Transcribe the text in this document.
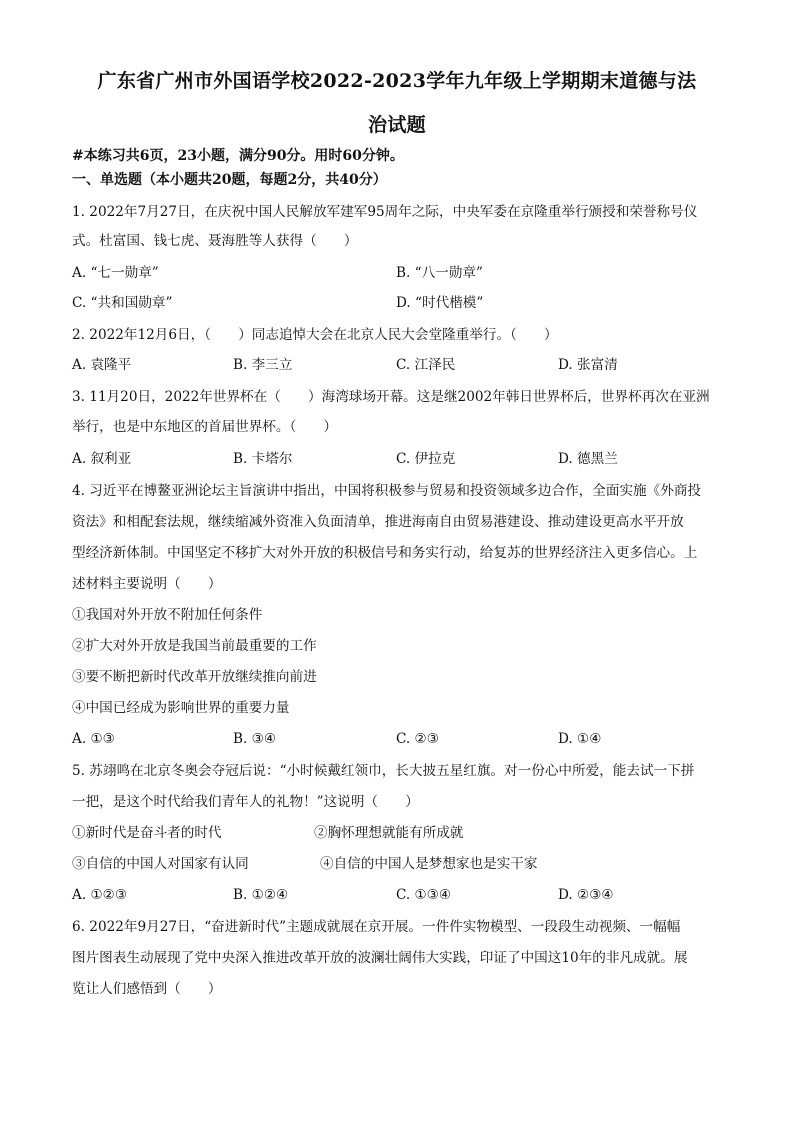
广东省广州市外国语学校2022-2023学年九年级上学期期末道德与法
治试题
#本练习共6页，23小题，满分90分。用时60分钟。
一、单选题（本小题共20题，每题2分，共40分）
1. 2022年7月27日，在庆祝中国人民解放军建军95周年之际，中央军委在京隆重举行颁授和荣誉称号仪
式。杜富国、钱七虎、聂海胜等人获得（　　）
A. “七一勋章”	B. “八一勋章”
C. “共和国勋章”	D. “时代楷模”
2. 2022年12月6日，（　　）同志追悼大会在北京人民大会堂隆重举行。（　　）
A. 袁隆平	B. 李三立	C. 江泽民	D. 张富清
3. 11月20日，2022年世界杯在（　　）海湾球场开幕。这是继2002年韩日世界杯后，世界杯再次在亚洲
举行，也是中东地区的首届世界杯。（　　）
A. 叙利亚	B. 卡塔尔	C. 伊拉克	D. 德黑兰
4. 习近平在博鳌亚洲论坛主旨演讲中指出，中国将积极参与贸易和投资领域多边合作，全面实施《外商投
资法》和相配套法规，继续缩减外资准入负面清单，推进海南自由贸易港建设、推动建设更高水平开放
型经济新体制。中国坚定不移扩大对外开放的积极信号和务实行动，给复苏的世界经济注入更多信心。上
述材料主要说明（　　）
①我国对外开放不附加任何条件
②扩大对外开放是我国当前最重要的工作
③要不断把新时代改革开放继续推向前进
④中国已经成为影响世界的重要力量
A. ①③	B. ③④	C. ②③	D. ①④
5. 苏翊鸣在北京冬奥会夺冠后说：“小时候戴红领巾，长大披五星红旗。对一份心中所爱，能去试一下拼
一把，是这个时代给我们青年人的礼物！”这说明（　　）
①新时代是奋斗者的时代	②胸怀理想就能有所成就
③自信的中国人对国家有认同	④自信的中国人是梦想家也是实干家
A. ①②③	B. ①②④	C. ①③④	D. ②③④
6. 2022年9月27日，“奋进新时代”主题成就展在京开展。一件件实物模型、一段段生动视频、一幅幅
图片图表生动展现了党中央深入推进改革开放的波澜壮阔伟大实践，印证了中国这10年的非凡成就。展
览让人们感悟到（　　）
